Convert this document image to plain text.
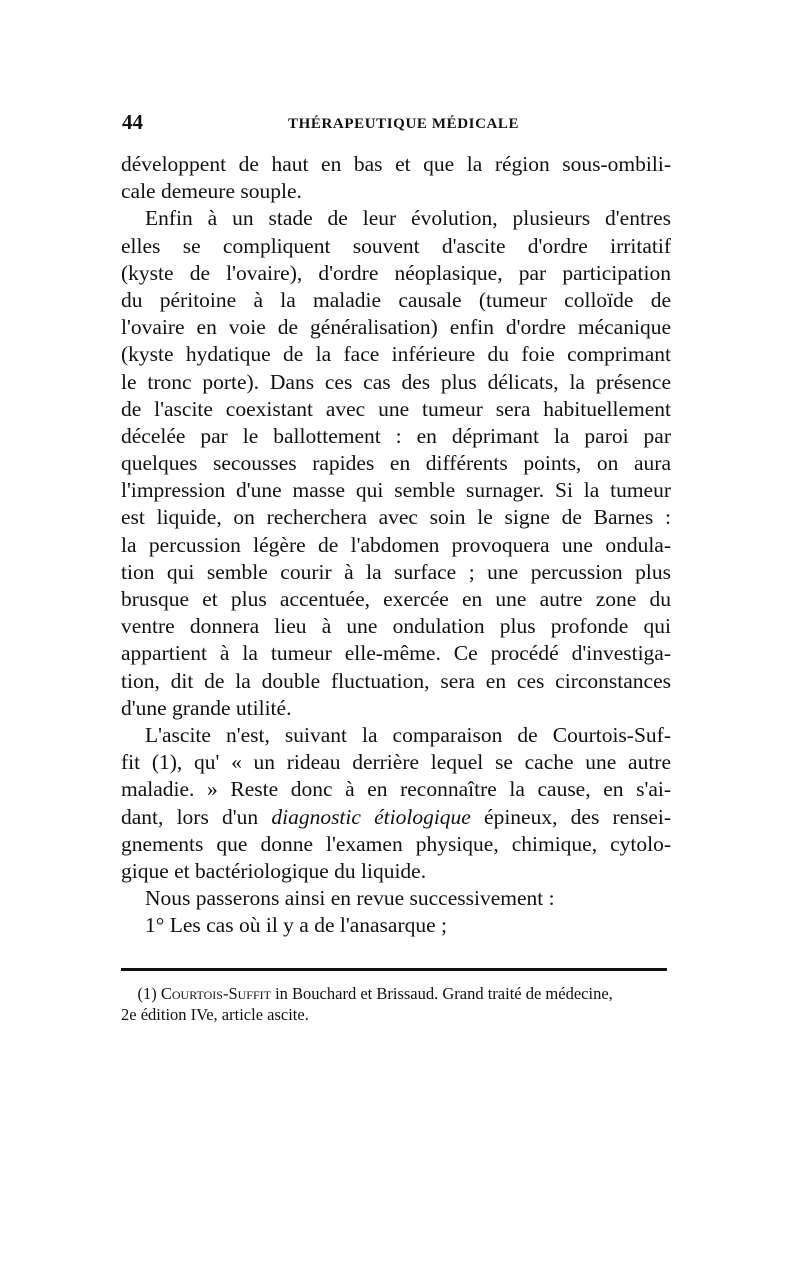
44	THÉRAPEUTIQUE MÉDICALE
développent de haut en bas et que la région sous-ombili-
cale demeure souple.
Enfin à un stade de leur évolution, plusieurs d'entres
elles se compliquent souvent d'ascite d'ordre irritatif
(kyste de l'ovaire), d'ordre néoplasique, par participation
du péritoine à la maladie causale (tumeur colloïde de
l'ovaire en voie de généralisation) enfin d'ordre mécanique
(kyste hydatique de la face inférieure du foie comprimant
le tronc porte). Dans ces cas des plus délicats, la présence
de l'ascite coexistant avec une tumeur sera habituellement
décelée par le ballottement : en déprimant la paroi par
quelques secousses rapides en différents points, on aura
l'impression d'une masse qui semble surnager. Si la tumeur
est liquide, on recherchera avec soin le signe de Barnes :
la percussion légère de l'abdomen provoquera une ondula-
tion qui semble courir à la surface ; une percussion plus
brusque et plus accentuée, exercée en une autre zone du
ventre donnera lieu à une ondulation plus profonde qui
appartient à la tumeur elle-même. Ce procédé d'investiga-
tion, dit de la double fluctuation, sera en ces circonstances
d'une grande utilité.
L'ascite n'est, suivant la comparaison de Courtois-Suf-
fit (1), qu' « un rideau derrière lequel se cache une autre
maladie. » Reste donc à en reconnaître la cause, en s'ai-
dant, lors d'un diagnostic étiologique épineux, des rensei-
gnements que donne l'examen physique, chimique, cytolo-
gique et bactériologique du liquide.
Nous passerons ainsi en revue successivement :
1° Les cas où il y a de l'anasarque ;
(1) Courtois-Suffit in Bouchard et Brissaud. Grand traité de médecine,
2e édition IVe, article ascite.
